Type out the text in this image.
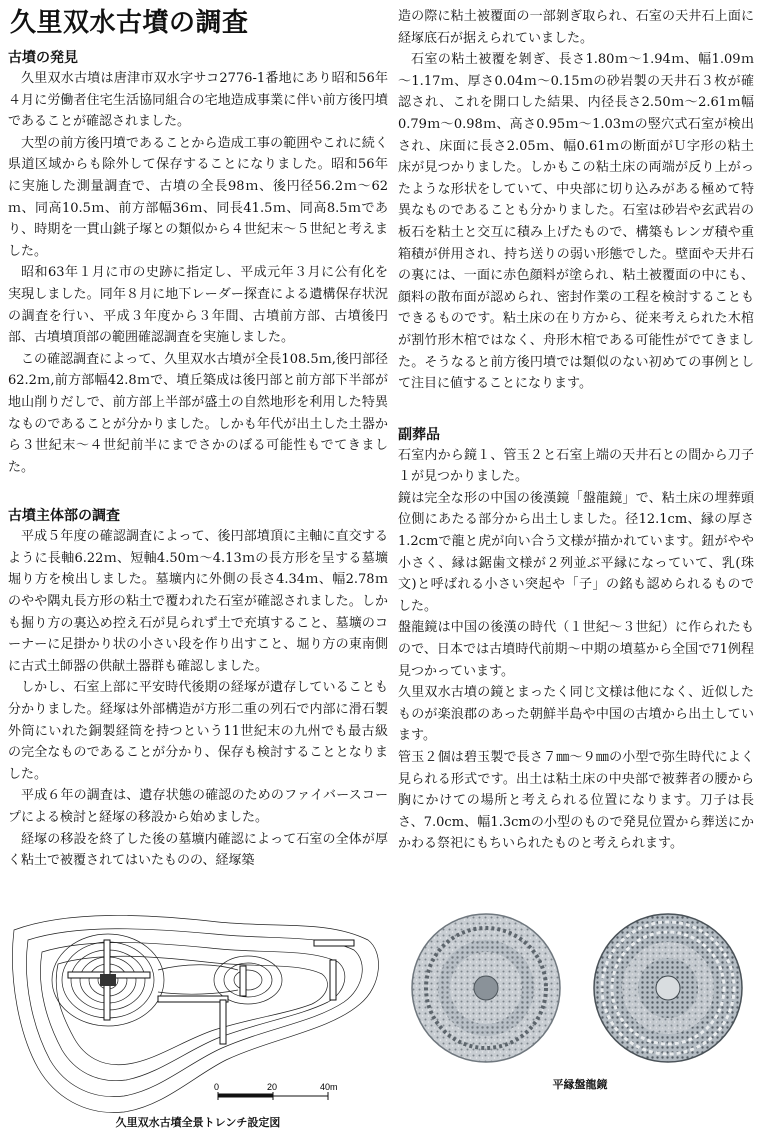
久里双水古墳の調査
古墳の発見

久里双水古墳は唐津市双水字サコ2776-1番地にあり昭和56年４月に労働者住宅生活協同組合の宅地造成事業に伴い前方後円墳であることが確認されました。

大型の前方後円墳であることから造成工事の範囲やこれに続く県道区域からも除外して保存することになりました。昭和56年に実施した測量調査で、古墳の全長98ｍ、後円径56.2ｍ～62ｍ、同高10.5ｍ、前方部幅36ｍ、同長41.5ｍ、同高8.5ｍであり、時期を一貫山銚子塚との類似から４世紀末～５世紀と考えました。

昭和63年１月に市の史跡に指定し、平成元年３月に公有化を実現しました。同年８月に地下レーダー探査による遺構保存状況の調査を行い、平成３年度から３年間、古墳前方部、古墳後円部、古墳墳頂部の範囲確認調査を実施しました。

この確認調査によって、久里双水古墳が全長108.5ｍ,後円部径62.2ｍ,前方部幅42.8ｍで、墳丘築成は後円部と前方部下半部が地山削りだしで、前方部上半部が盛土の自然地形を利用した特異なものであることが分かりました。しかも年代が出土した土器から３世紀末～４世紀前半にまでさかのぼる可能性もでてきました。

古墳主体部の調査

平成５年度の確認調査によって、後円部墳頂に主軸に直交するように長軸6.22ｍ、短軸4.50ｍ～4.13ｍの長方形を呈する墓壙堀り方を検出しました。墓壙内に外側の長さ4.34ｍ、幅2.78ｍのやや隅丸長方形の粘土で覆われた石室が確認されました。しかも掘り方の裏込め控え石が見られず土で充填すること、墓壙のコーナーに足掛かり状の小さい段を作り出すこと、堀り方の東南側に古式土師器の供献土器群も確認しました。

しかし、石室上部に平安時代後期の経塚が遺存していることも分かりました。経塚は外部構造が方形二重の列石で内部に滑石製外筒にいれた銅製経筒を持つという11世紀末の九州でも最古級の完全なものであることが分かり、保存も検討することとなりました。

平成６年の調査は、遺存状態の確認のためのファイバースコープによる検討と経塚の移設から始めました。

経塚の移設を終了した後の墓壙内確認によって石室の全体が厚く粘土で被覆されてはいたものの、経塚築

造の際に粘土被覆面の一部剝ぎ取られ、石室の天井石上面に経塚底石が据えられていました。

石室の粘土被覆を剝ぎ、長さ1.80ｍ～1.94ｍ、幅1.09ｍ～1.17ｍ、厚さ0.04ｍ～0.15ｍの砂岩製の天井石３枚が確認され、これを開口した結果、内径長さ2.50ｍ～2.61ｍ幅0.79ｍ～0.98ｍ、高さ0.95ｍ～1.03ｍの竪穴式石室が検出され、床面に長さ2.05ｍ、幅0.61ｍの断面がＵ字形の粘土床が見つかりました。しかもこの粘土床の両端が反り上がったような形状をしていて、中央部に切り込みがある極めて特異なものであることも分かりました。石室は砂岩や玄武岩の板石を粘土と交互に積み上げたもので、構築もレンガ積や重箱積が併用され、持ち送りの弱い形態でした。壁面や天井石の裏には、一面に赤色顔料が塗られ、粘土被覆面の中にも、顔料の散布面が認められ、密封作業の工程を検討することもできるものです。粘土床の在り方から、従来考えられた木棺が割竹形木棺ではなく、舟形木棺である可能性がでてきました。そうなると前方後円墳では類似のない初めての事例として注目に値することになります。

副葬品

石室内から鏡１、管玉２と石室上端の天井石との間から刀子１が見つかりました。

鏡は完全な形の中国の後漢鏡「盤龍鏡」で、粘土床の埋葬頭位側にあたる部分から出土しました。径12.1cm、縁の厚さ1.2cmで龍と虎が向い合う文様が描かれています。鈕がやや小さく、縁は鋸歯文様が２列並ぶ平縁になっていて、乳(珠文)と呼ばれる小さい突起や「子」の銘も認められるものでした。

盤龍鏡は中国の後漢の時代（１世紀～３世紀）に作られたもので、日本では古墳時代前期～中期の墳墓から全国で71例程見つかっています。

久里双水古墳の鏡とまったく同じ文様は他になく、近似したものが楽浪郡のあった朝鮮半島や中国の古墳から出土しています。

管玉２個は碧玉製で長さ７㎜～９㎜の小型で弥生時代によく見られる形式です。出土は粘土床の中央部で被葬者の腰から胸にかけての場所と考えられる位置になります。刀子は長さ、7.0cm、幅1.3cmの小型のもので発見位置から葬送にかかわる祭祀にもちいられたものと考えられます。

0	20	40m
久里双水古墳全景トレンチ設定図
平縁盤龍鏡
